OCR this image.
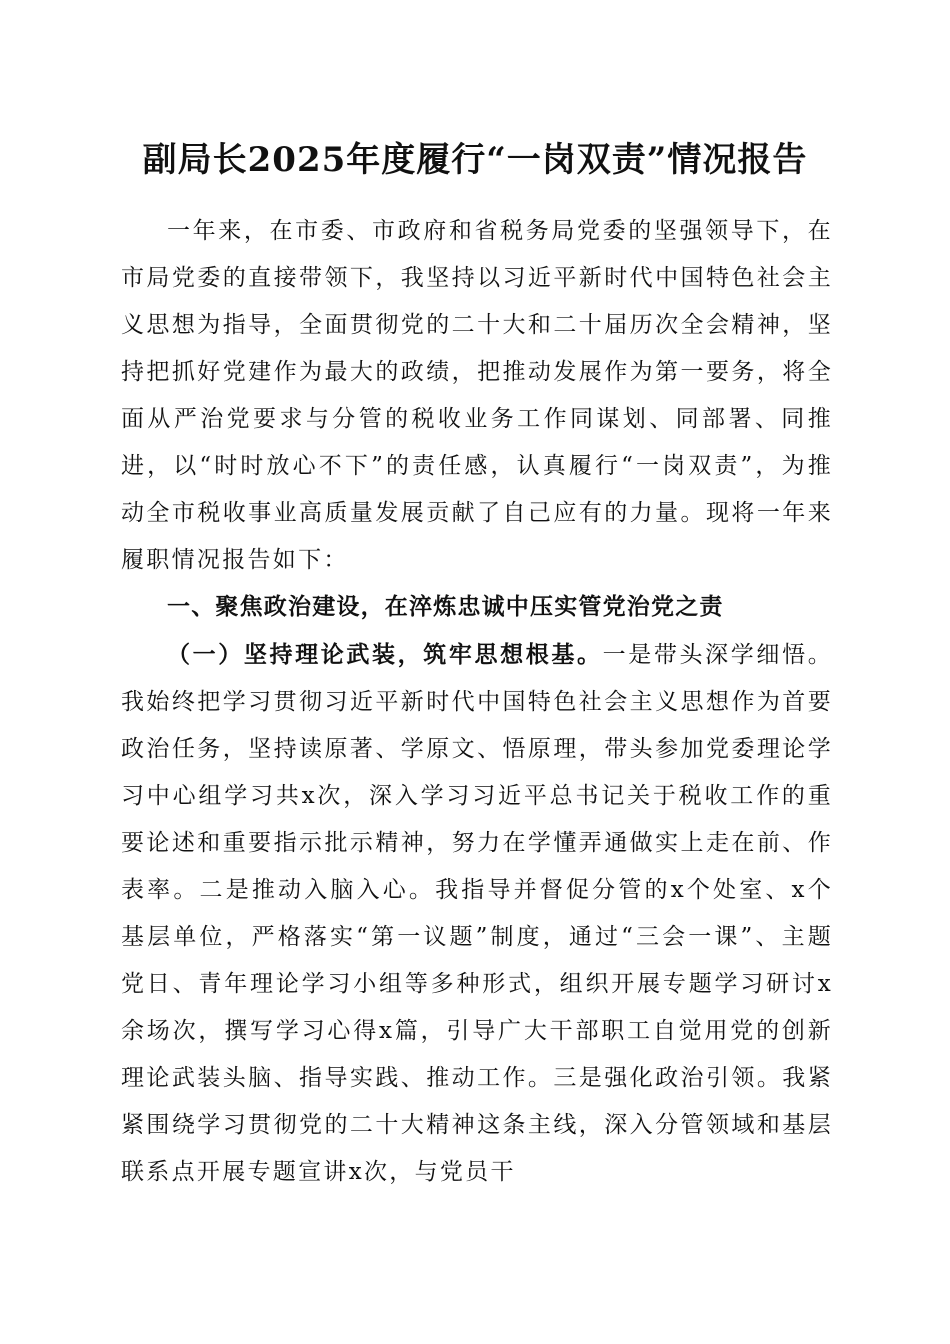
副局长2025年度履行“一岗双责”情况报告

一年来，在市委、市政府和省税务局党委的坚强领导下，在市局党委的直接带领下，我坚持以习近平新时代中国特色社会主义思想为指导，全面贯彻党的二十大和二十届历次全会精神，坚持把抓好党建作为最大的政绩，把推动发展作为第一要务，将全面从严治党要求与分管的税收业务工作同谋划、同部署、同推进，以“时时放心不下”的责任感，认真履行“一岗双责”，为推动全市税收事业高质量发展贡献了自己应有的力量。现将一年来履职情况报告如下：

一、聚焦政治建设，在淬炼忠诚中压实管党治党之责

（一）坚持理论武装，筑牢思想根基。一是带头深学细悟。我始终把学习贯彻习近平新时代中国特色社会主义思想作为首要政治任务，坚持读原著、学原文、悟原理，带头参加党委理论学习中心组学习共x次，深入学习习近平总书记关于税收工作的重要论述和重要指示批示精神，努力在学懂弄通做实上走在前、作表率。二是推动入脑入心。我指导并督促分管的x个处室、x个基层单位，严格落实“第一议题”制度，通过“三会一课”、主题党日、青年理论学习小组等多种形式，组织开展专题学习研讨x余场次，撰写学习心得x篇，引导广大干部职工自觉用党的创新理论武装头脑、指导实践、推动工作。三是强化政治引领。我紧紧围绕学习贯彻党的二十大精神这条主线，深入分管领域和基层联系点开展专题宣讲x次，与党员干
